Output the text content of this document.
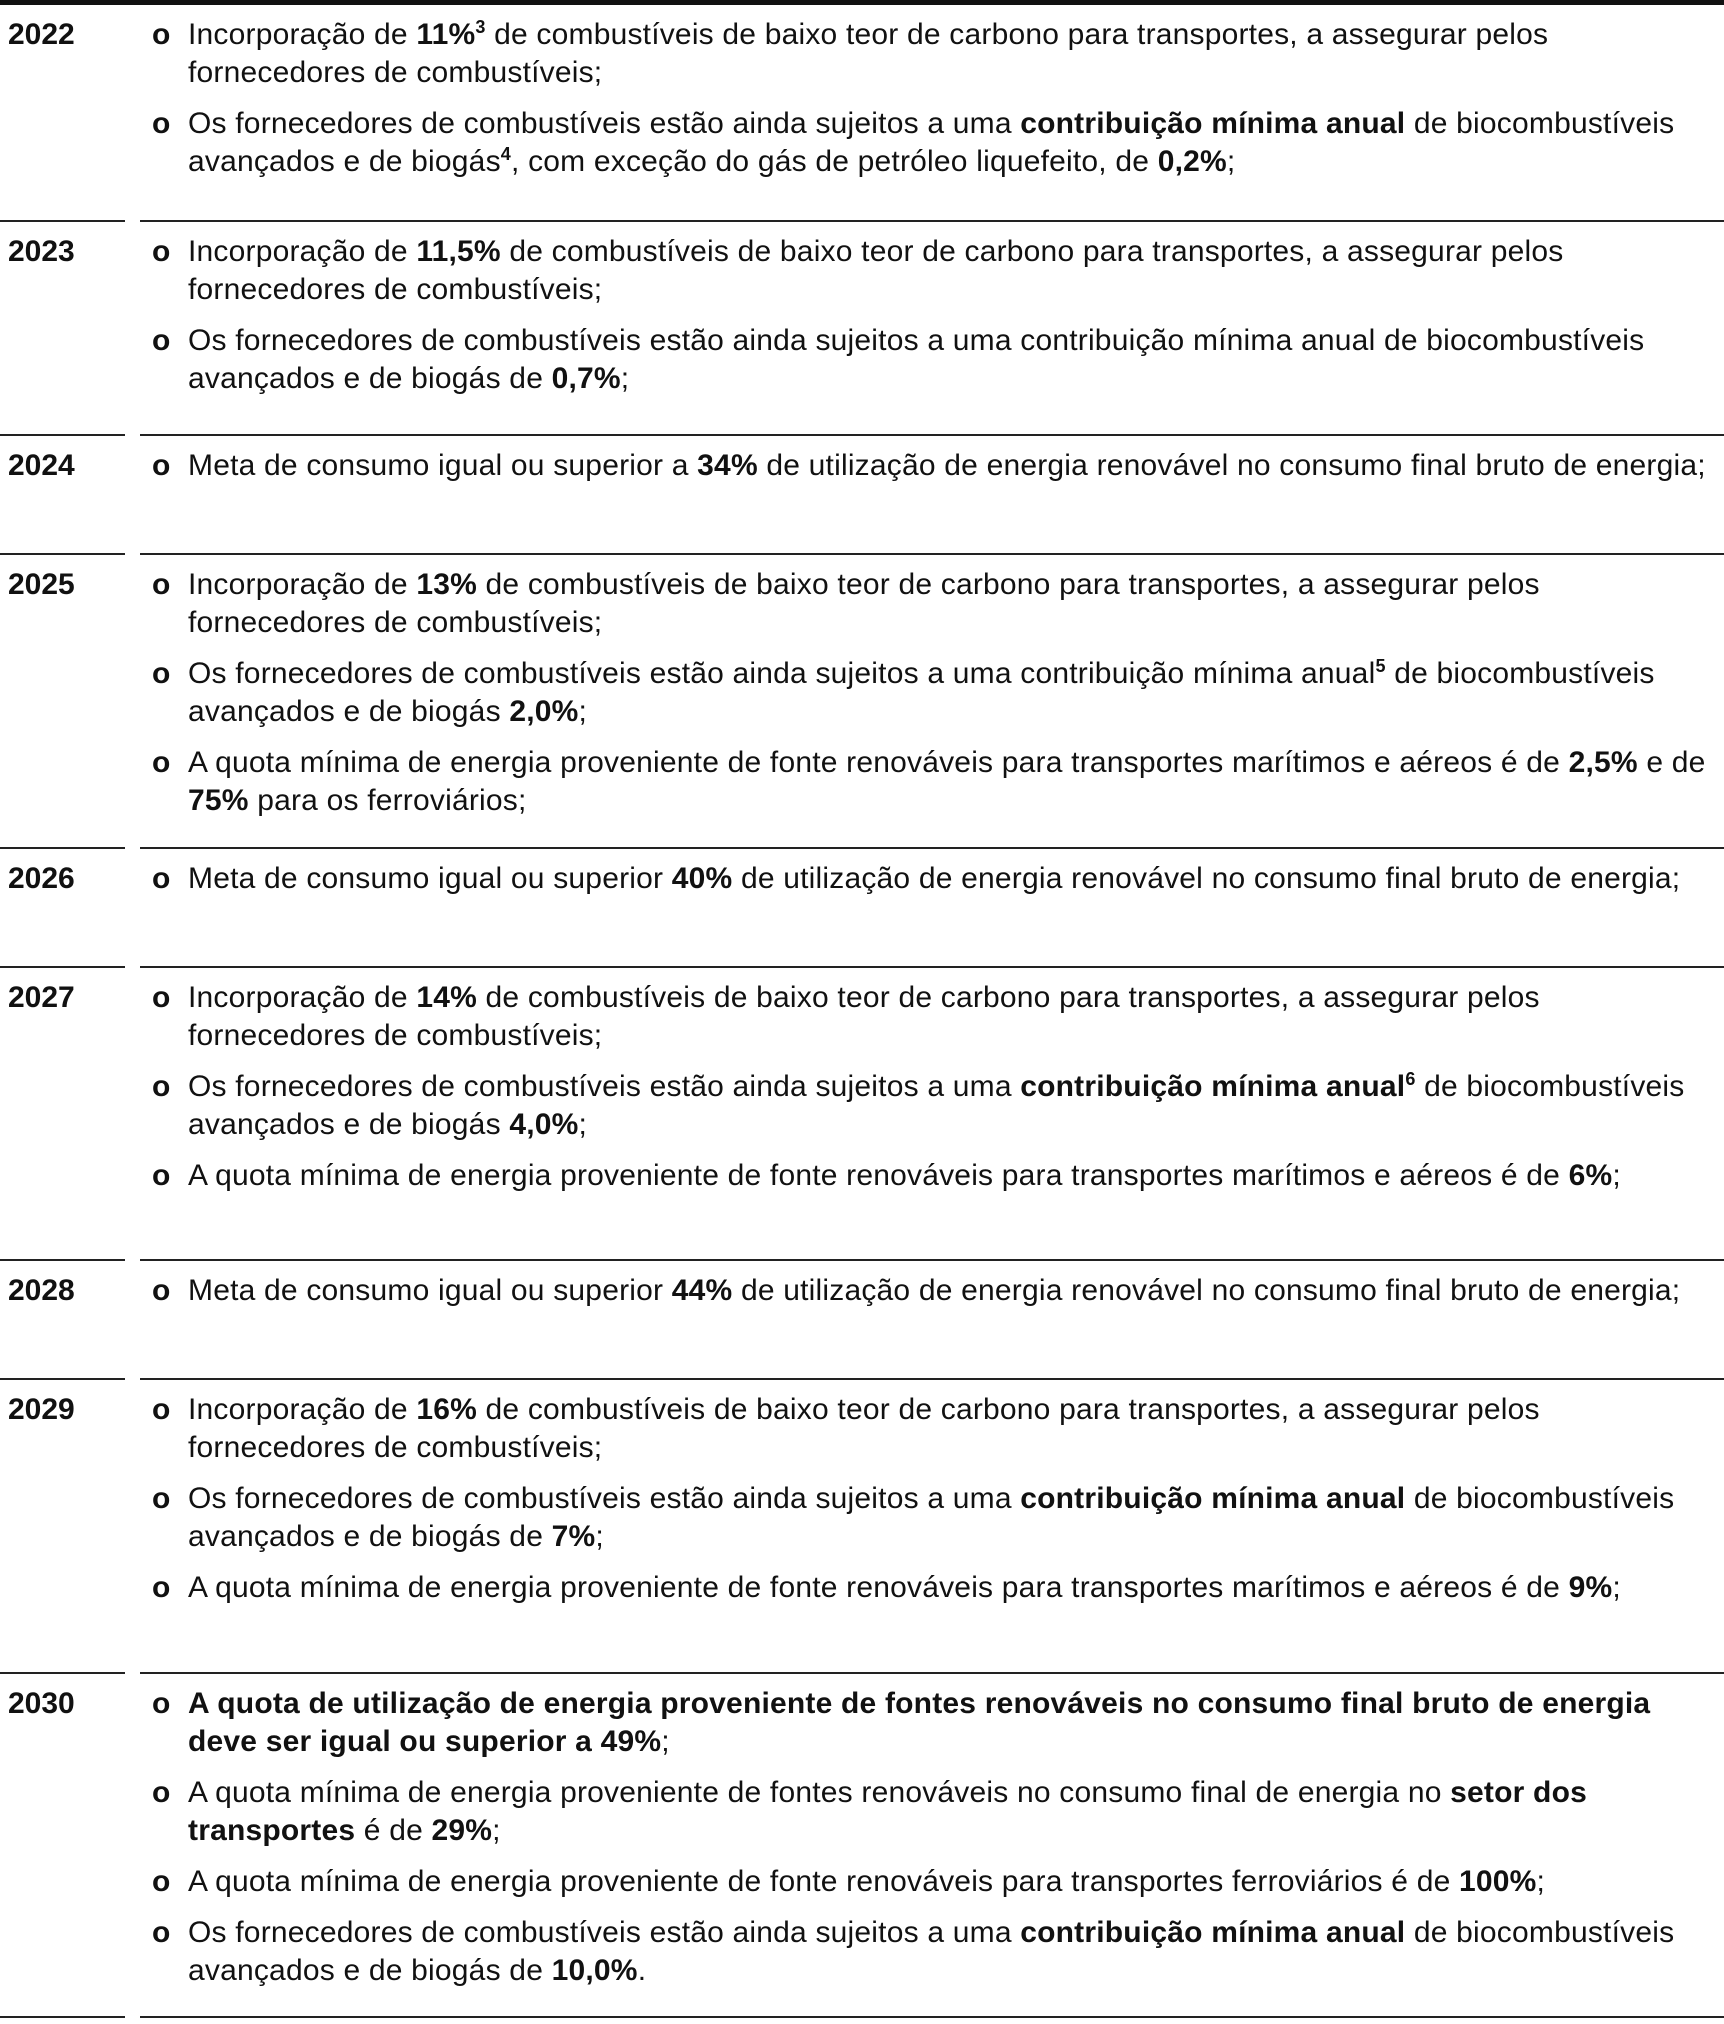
2022	o Incorporação de 11%$^3$ de combustíveis de baixo teor de carbono para transportes, a assegurar pelos fornecedores de combustíveis;
o Os fornecedores de combustíveis estão ainda sujeitos a uma contribuição mínima anual de biocombustíveis avançados e de biogás$^4$, com exceção do gás de petróleo liquefeito, de 0,2%;
2023	o Incorporação de 11,5% de combustíveis de baixo teor de carbono para transportes, a assegurar pelos fornecedores de combustíveis;
o Os fornecedores de combustíveis estão ainda sujeitos a uma contribuição mínima anual de biocombustíveis avançados e de biogás de 0,7%;
2024	o Meta de consumo igual ou superior a 34% de utilização de energia renovável no consumo final bruto de energia;
2025	o Incorporação de 13% de combustíveis de baixo teor de carbono para transportes, a assegurar pelos fornecedores de combustíveis;
o Os fornecedores de combustíveis estão ainda sujeitos a uma contribuição mínima anual$^5$ de biocombustíveis avançados e de biogás 2,0%;
o A quota mínima de energia proveniente de fonte renováveis para transportes marítimos e aéreos é de 2,5% e de 75% para os ferroviários;
2026	o Meta de consumo igual ou superior 40% de utilização de energia renovável no consumo final bruto de energia;
2027	o Incorporação de 14% de combustíveis de baixo teor de carbono para transportes, a assegurar pelos fornecedores de combustíveis;
o Os fornecedores de combustíveis estão ainda sujeitos a uma contribuição mínima anual$^6$ de biocombustíveis avançados e de biogás 4,0%;
o A quota mínima de energia proveniente de fonte renováveis para transportes marítimos e aéreos é de 6%;
2028	o Meta de consumo igual ou superior 44% de utilização de energia renovável no consumo final bruto de energia;
2029	o Incorporação de 16% de combustíveis de baixo teor de carbono para transportes, a assegurar pelos fornecedores de combustíveis;
o Os fornecedores de combustíveis estão ainda sujeitos a uma contribuição mínima anual de biocombustíveis avançados e de biogás de 7%;
o A quota mínima de energia proveniente de fonte renováveis para transportes marítimos e aéreos é de 9%;
2030	o A quota de utilização de energia proveniente de fontes renováveis no consumo final bruto de energia deve ser igual ou superior a 49%;
o A quota mínima de energia proveniente de fontes renováveis no consumo final de energia no setor dos transportes é de 29%;
o A quota mínima de energia proveniente de fonte renováveis para transportes ferroviários é de 100%;
o Os fornecedores de combustíveis estão ainda sujeitos a uma contribuição mínima anual de biocombustíveis avançados e de biogás de 10,0%.
